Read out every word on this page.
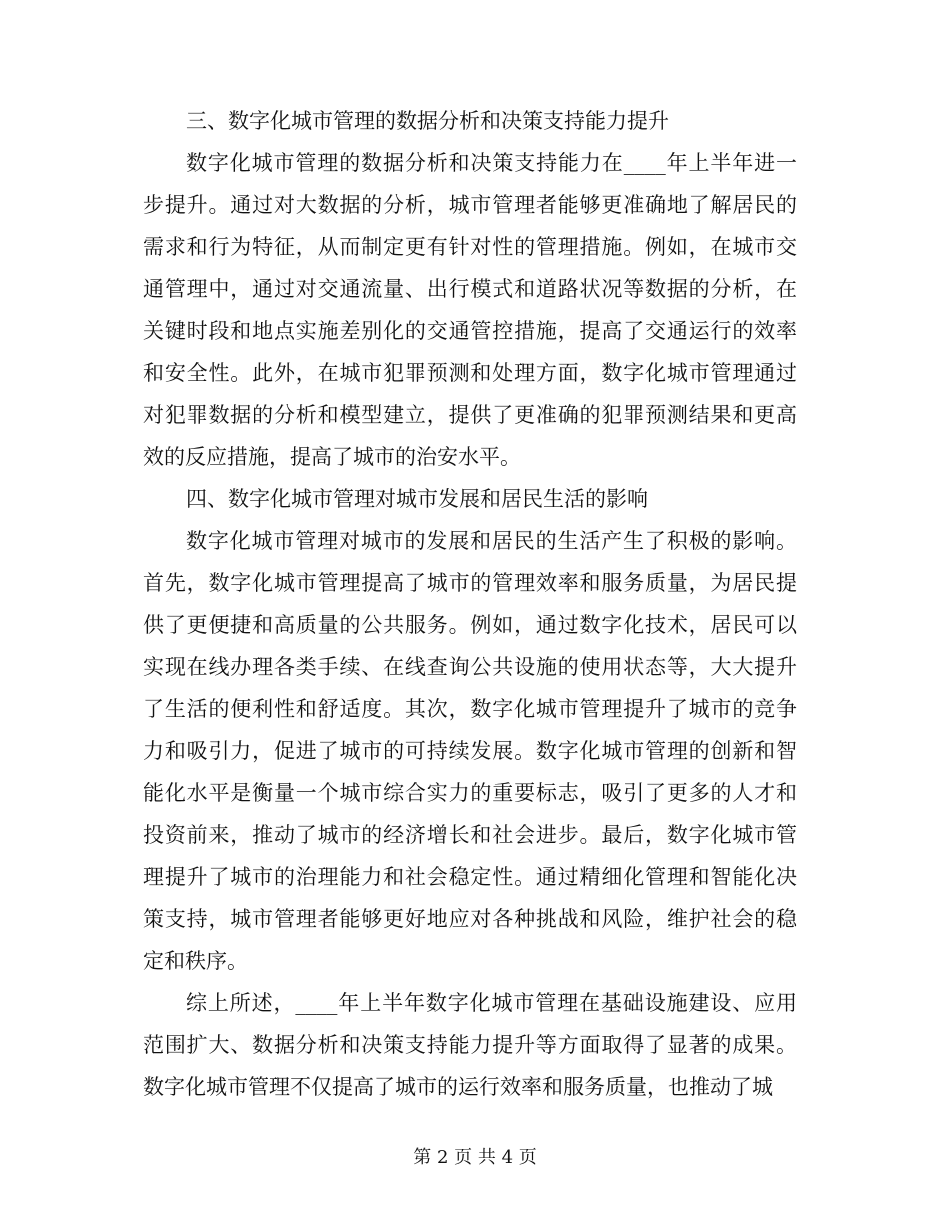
三、数字化城市管理的数据分析和决策支持能力提升
数字化城市管理的数据分析和决策支持能力在____年上半年进一
步提升。通过对大数据的分析，城市管理者能够更准确地了解居民的
需求和行为特征，从而制定更有针对性的管理措施。例如，在城市交
通管理中，通过对交通流量、出行模式和道路状况等数据的分析，在
关键时段和地点实施差别化的交通管控措施，提高了交通运行的效率
和安全性。此外，在城市犯罪预测和处理方面，数字化城市管理通过
对犯罪数据的分析和模型建立，提供了更准确的犯罪预测结果和更高
效的反应措施，提高了城市的治安水平。
四、数字化城市管理对城市发展和居民生活的影响
数字化城市管理对城市的发展和居民的生活产生了积极的影响。
首先，数字化城市管理提高了城市的管理效率和服务质量，为居民提
供了更便捷和高质量的公共服务。例如，通过数字化技术，居民可以
实现在线办理各类手续、在线查询公共设施的使用状态等，大大提升
了生活的便利性和舒适度。其次，数字化城市管理提升了城市的竞争
力和吸引力，促进了城市的可持续发展。数字化城市管理的创新和智
能化水平是衡量一个城市综合实力的重要标志，吸引了更多的人才和
投资前来，推动了城市的经济增长和社会进步。最后，数字化城市管
理提升了城市的治理能力和社会稳定性。通过精细化管理和智能化决
策支持，城市管理者能够更好地应对各种挑战和风险，维护社会的稳
定和秩序。
综上所述，____年上半年数字化城市管理在基础设施建设、应用
范围扩大、数据分析和决策支持能力提升等方面取得了显著的成果。
数字化城市管理不仅提高了城市的运行效率和服务质量，也推动了城
第 2 页 共 4 页
